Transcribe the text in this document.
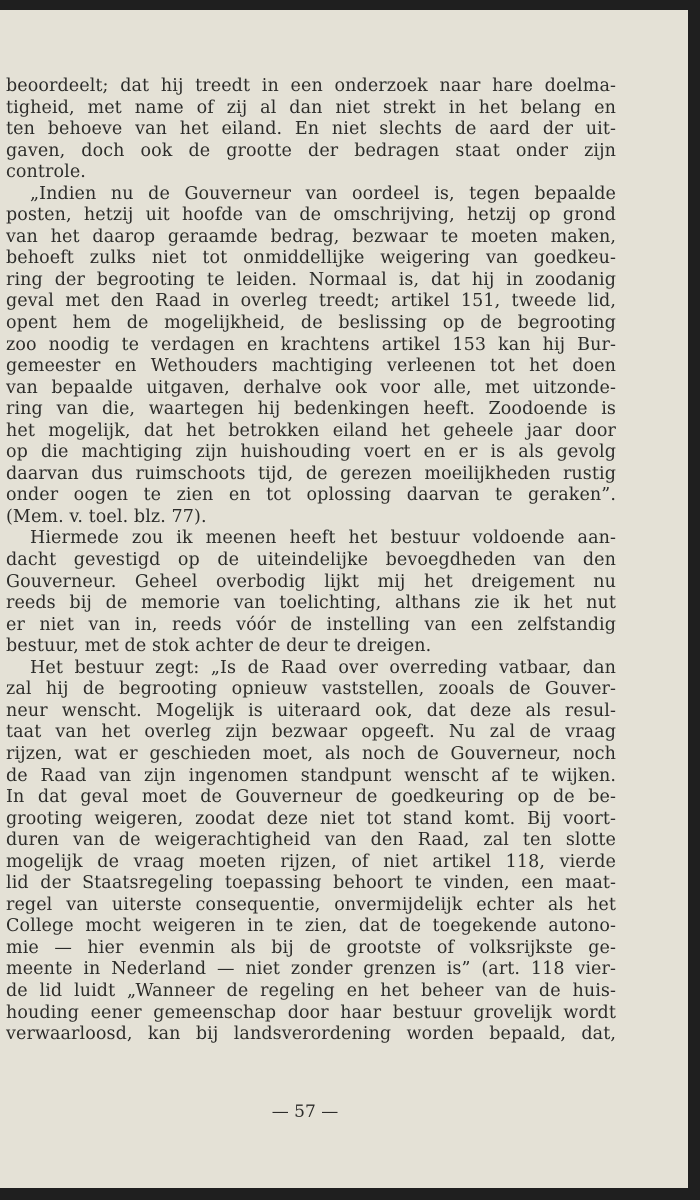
beoordeelt; dat hij treedt in een onderzoek naar hare doelma-
tigheid, met name of zij al dan niet strekt in het belang en
ten behoeve van het eiland. En niet slechts de aard der uit-
gaven, doch ook de grootte der bedragen staat onder zijn
controle.
„Indien nu de Gouverneur van oordeel is, tegen bepaalde
posten, hetzij uit hoofde van de omschrijving, hetzij op grond
van het daarop geraamde bedrag, bezwaar te moeten maken,
behoeft zulks niet tot onmiddellijke weigering van goedkeu-
ring der begrooting te leiden. Normaal is, dat hij in zoodanig
geval met den Raad in overleg treedt; artikel 151, tweede lid,
opent hem de mogelijkheid, de beslissing op de begrooting
zoo noodig te verdagen en krachtens artikel 153 kan hij Bur-
gemeester en Wethouders machtiging verleenen tot het doen
van bepaalde uitgaven, derhalve ook voor alle, met uitzonde-
ring van die, waartegen hij bedenkingen heeft. Zoodoende is
het mogelijk, dat het betrokken eiland het geheele jaar door
op die machtiging zijn huishouding voert en er is als gevolg
daarvan dus ruimschoots tijd, de gerezen moeilijkheden rustig
onder oogen te zien en tot oplossing daarvan te geraken”.
(Mem. v. toel. blz. 77).
Hiermede zou ik meenen heeft het bestuur voldoende aan-
dacht gevestigd op de uiteindelijke bevoegdheden van den
Gouverneur. Geheel overbodig lijkt mij het dreigement nu
reeds bij de memorie van toelichting, althans zie ik het nut
er niet van in, reeds vóór de instelling van een zelfstandig
bestuur, met de stok achter de deur te dreigen.
Het bestuur zegt: „Is de Raad over overreding vatbaar, dan
zal hij de begrooting opnieuw vaststellen, zooals de Gouver-
neur wenscht. Mogelijk is uiteraard ook, dat deze als resul-
taat van het overleg zijn bezwaar opgeeft. Nu zal de vraag
rijzen, wat er geschieden moet, als noch de Gouverneur, noch
de Raad van zijn ingenomen standpunt wenscht af te wijken.
In dat geval moet de Gouverneur de goedkeuring op de be-
grooting weigeren, zoodat deze niet tot stand komt. Bij voort-
duren van de weigerachtigheid van den Raad, zal ten slotte
mogelijk de vraag moeten rijzen, of niet artikel 118, vierde
lid der Staatsregeling toepassing behoort te vinden, een maat-
regel van uiterste consequentie, onvermijdelijk echter als het
College mocht weigeren in te zien, dat de toegekende autono-
mie — hier evenmin als bij de grootste of volksrijkste ge-
meente in Nederland — niet zonder grenzen is” (art. 118 vier-
de lid luidt „Wanneer de regeling en het beheer van de huis-
houding eener gemeenschap door haar bestuur grovelijk wordt
verwaarloosd, kan bij landsverordening worden bepaald, dat,
— 57 —
